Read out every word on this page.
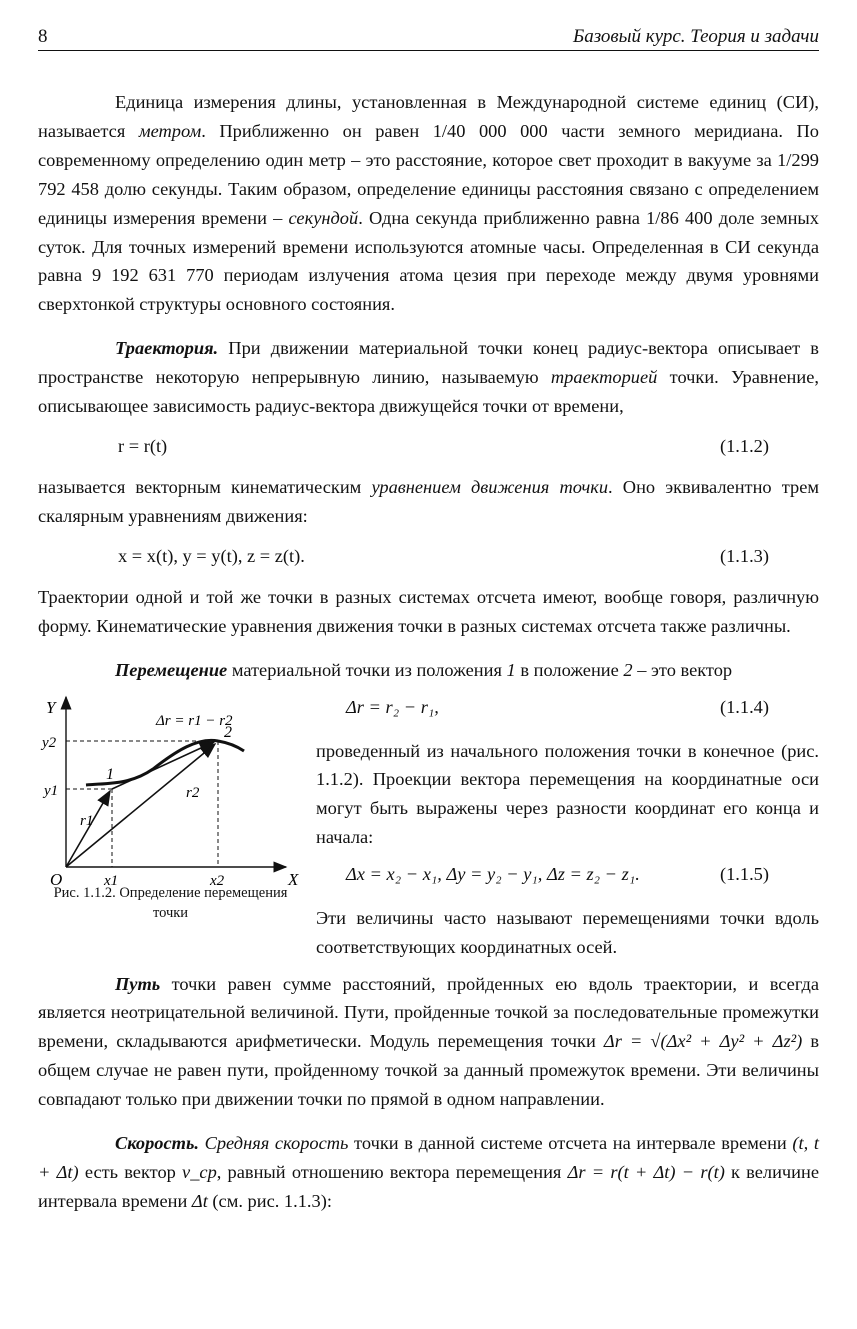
8	Базовый курс. Теория и задачи

Единица измерения длины, установленная в Международной системе единиц (СИ), называется метром. Приближенно он равен 1/40 000 000 части земного меридиана. По современному определению один метр – это расстояние, которое свет проходит в вакууме за 1/299 792 458 долю секунды. Таким образом, определение единицы расстояния связано с определением единицы измерения времени – секундой. Одна секунда приближенно равна 1/86 400 доле земных суток. Для точных измерений времени используются атомные часы. Определенная в СИ секунда равна 9 192 631 770 периодам излучения атома цезия при переходе между двумя уровнями сверхтонкой структуры основного состояния.

Траектория. При движении материальной точки конец радиус-вектора описывает в пространстве некоторую непрерывную линию, называемую траекторией точки. Уравнение, описывающее зависимость радиус-вектора движущейся точки от времени,

r = r(t)	(1.1.2)

называется векторным кинематическим уравнением движения точки. Оно эквивалентно трем скалярным уравнениям движения:

x = x(t), y = y(t), z = z(t).	(1.1.3)

Траектории одной и той же точки в разных системах отсчета имеют, вообще говоря, различную форму. Кинематические уравнения движения точки в разных системах отсчета также различны.

Перемещение материальной точки из положения 1 в положение 2 – это вектор

Y
X
O
y2
y1
x1	x2
1
2
r1
r2
Δr = r1 − r2
Рис. 1.1.2. Определение перемещения точки
Δr = r₂ − r₁,	(1.1.4)

проведенный из начального положения точки в конечное (рис. 1.1.2). Проекции вектора перемещения на координатные оси могут быть выражены через разности координат его конца и начала:

Δx = x₂ − x₁, Δy = y₂ − y₁, Δz = z₂ − z₁.	(1.1.5)

Эти величины часто называют перемещениями точки вдоль соответствующих координатных осей.

Путь точки равен сумме расстояний, пройденных ею вдоль траектории, и всегда является неотрицательной величиной. Пути, пройденные точкой за последовательные промежутки времени, складываются арифметически. Модуль перемещения точки Δr = √(Δx² + Δy² + Δz²) в общем случае не равен пути, пройденному точкой за данный промежуток времени. Эти величины совпадают только при движении точки по прямой в одном направлении.

Скорость. Средняя скорость точки в данной системе отсчета на интервале времени (t, t + Δt) есть вектор v_ср, равный отношению вектора перемещения Δr = r(t + Δt) − r(t) к величине интервала времени Δt (см. рис. 1.1.3):
